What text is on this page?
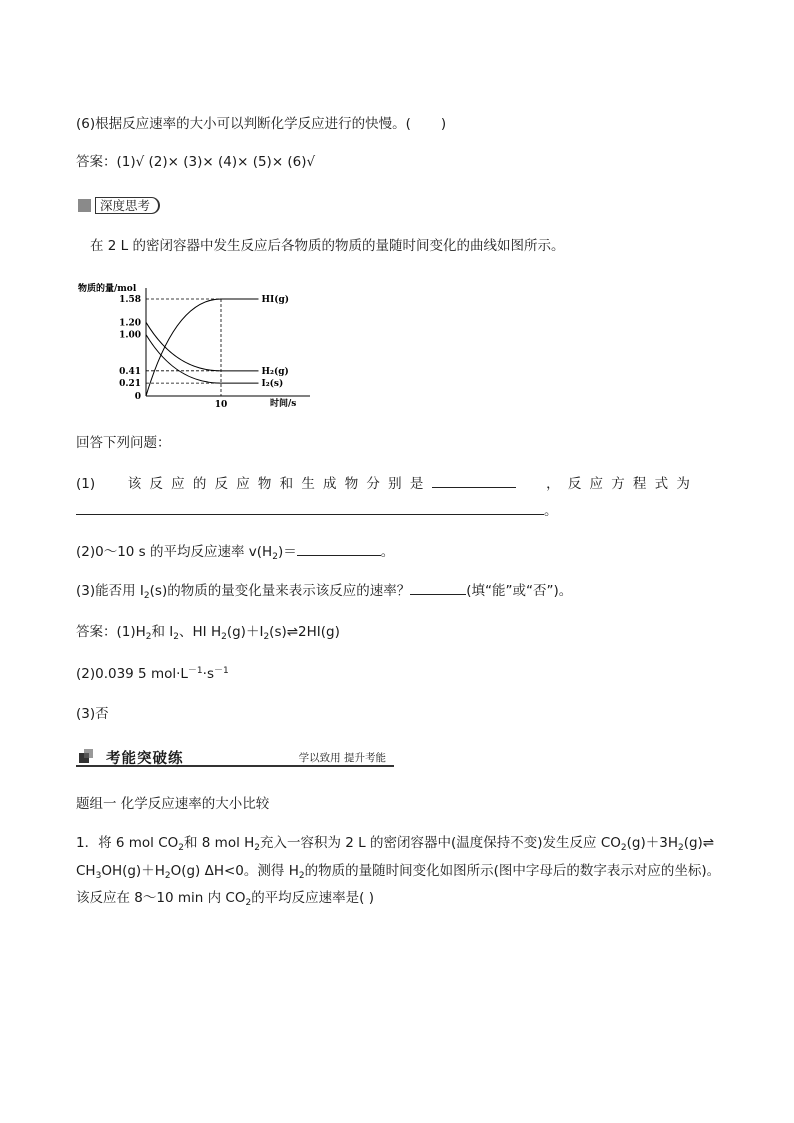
(6)根据反应速率的大小可以判断化学反应进行的快慢。( )
答案：(1)√ (2)× (3)× (4)× (5)× (6)√
深度思考
在 2 L 的密闭容器中发生反应后各物质的物质的量随时间变化的曲线如图所示。
物质的量/mol
时间/s
1.58
1.20
1.00
0.41
0.21
0
10
HI(g)
H₂(g)
I₂(s)
回答下列问题：
(1) 该反应的反应物和生成物分别是	，反应方程式为
。
(2)0～10 s 的平均反应速率 $v(H_2)=$	。
(3)能否用 $I_2(s)$的物质的量变化量来表示该反应的速率？	(填“能”或“否”)。
答案：$(1)H_2$和 $I_2$、HI $H_2(g)+I_2(s)\rightleftharpoons 2HI(g)$
(2)0.039 5 $mol\cdot L^{-1}\cdot s^{-1}$
(3)否
考能突破练	学以致用 提升考能
题组一 化学反应速率的大小比较
1．将 6 mol $CO_2$和 8 mol $H_2$充入一容积为 2 L 的密闭容器中(温度保持不变)发生反应 $CO_2(g)+3H_2(g)\rightleftharpoons$
$CH_3OH(g)+H_2O(g)$ ΔH<0。测得 $H_2$的物质的量随时间变化如图所示(图中字母后的数字表示对应的坐标)。
该反应在 8～10 min 内 $CO_2$的平均反应速率是( )
